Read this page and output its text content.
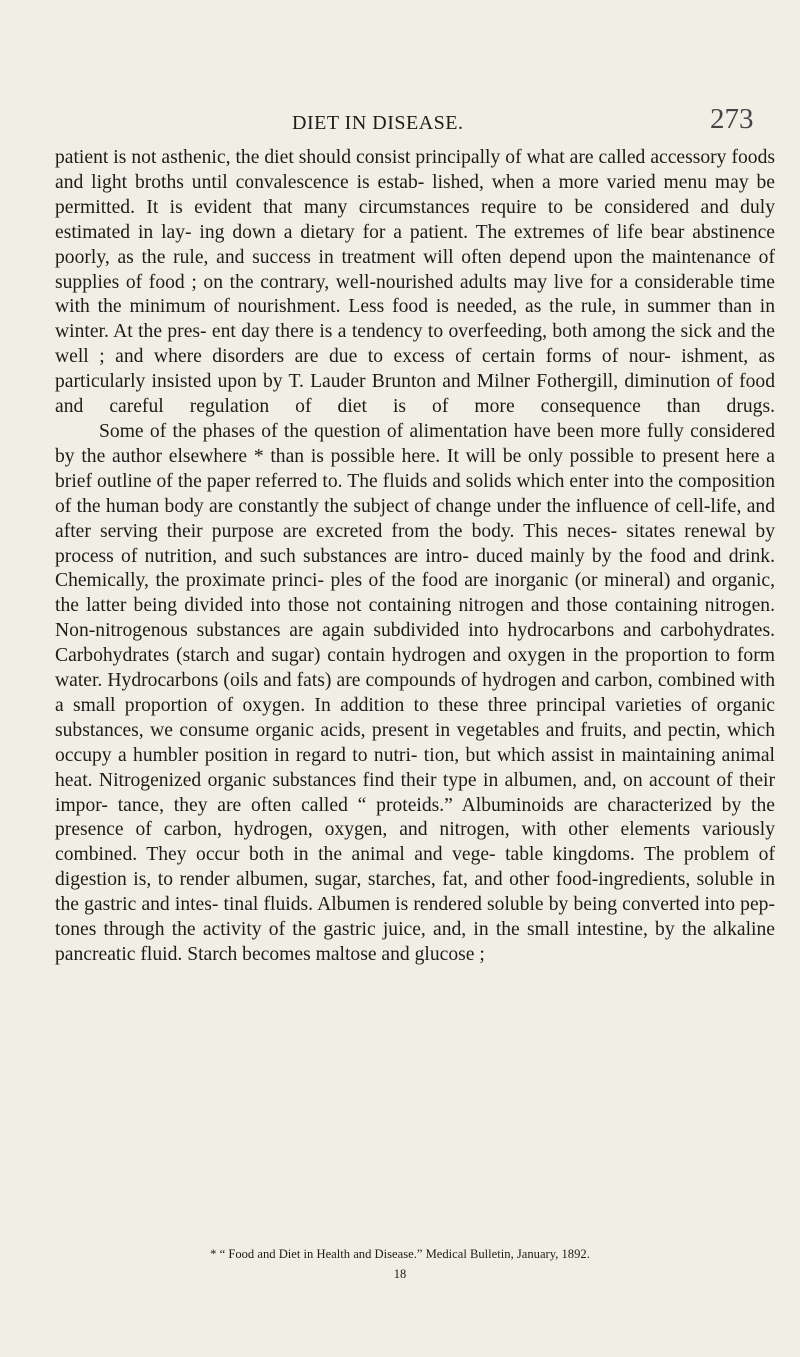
DIET IN DISEASE.	273

patient is not asthenic, the diet should consist principally of what are called accessory foods and light broths until convalescence is estab- lished, when a more varied menu may be permitted. It is evident that many circumstances require to be considered and duly estimated in lay- ing down a dietary for a patient. The extremes of life bear abstinence poorly, as the rule, and success in treatment will often depend upon the maintenance of supplies of food ; on the contrary, well-nourished adults may live for a considerable time with the minimum of nourishment. Less food is needed, as the rule, in summer than in winter. At the pres- ent day there is a tendency to overfeeding, both among the sick and the well ; and where disorders are due to excess of certain forms of nour- ishment, as particularly insisted upon by T. Lauder Brunton and Milner Fothergill, diminution of food and careful regulation of diet is of more consequence than drugs.

Some of the phases of the question of alimentation have been more fully considered by the author elsewhere * than is possible here. It will be only possible to present here a brief outline of the paper referred to. The fluids and solids which enter into the composition of the human body are constantly the subject of change under the influence of cell-life, and after serving their purpose are excreted from the body. This neces- sitates renewal by process of nutrition, and such substances are intro- duced mainly by the food and drink. Chemically, the proximate princi- ples of the food are inorganic (or mineral) and organic, the latter being divided into those not containing nitrogen and those containing nitrogen. Non-nitrogenous substances are again subdivided into hydrocarbons and carbohydrates. Carbohydrates (starch and sugar) contain hydrogen and oxygen in the proportion to form water. Hydrocarbons (oils and fats) are compounds of hydrogen and carbon, combined with a small proportion of oxygen. In addition to these three principal varieties of organic substances, we consume organic acids, present in vegetables and fruits, and pectin, which occupy a humbler position in regard to nutri- tion, but which assist in maintaining animal heat. Nitrogenized organic substances find their type in albumen, and, on account of their impor- tance, they are often called “ proteids.” Albuminoids are characterized by the presence of carbon, hydrogen, oxygen, and nitrogen, with other elements variously combined. They occur both in the animal and vege- table kingdoms. The problem of digestion is, to render albumen, sugar, starches, fat, and other food-ingredients, soluble in the gastric and intes- tinal fluids. Albumen is rendered soluble by being converted into pep- tones through the activity of the gastric juice, and, in the small intestine, by the alkaline pancreatic fluid. Starch becomes maltose and glucose ;

* “ Food and Diet in Health and Disease.” Medical Bulletin, January, 1892.
18
